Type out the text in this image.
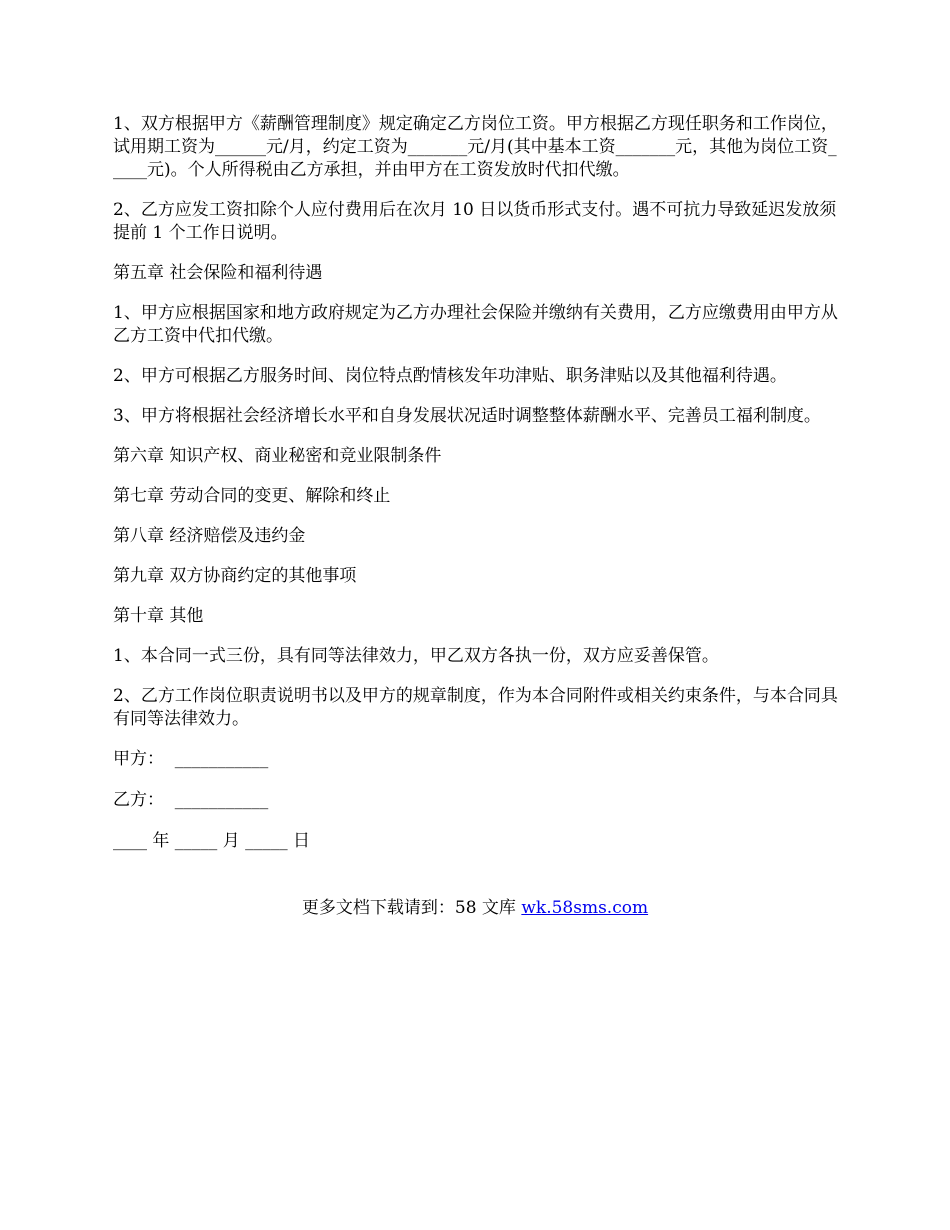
1、双方根据甲方《薪酬管理制度》规定确定乙方岗位工资。甲方根据乙方现任职务和工作岗位，试用期工资为______元/月，约定工资为_______元/月(其中基本工资_______元，其他为岗位工资_____元)。个人所得税由乙方承担，并由甲方在工资发放时代扣代缴。

2、乙方应发工资扣除个人应付费用后在次月 10 日以货币形式支付。遇不可抗力导致延迟发放须提前 1 个工作日说明。

第五章 社会保险和福利待遇

1、甲方应根据国家和地方政府规定为乙方办理社会保险并缴纳有关费用，乙方应缴费用由甲方从乙方工资中代扣代缴。

2、甲方可根据乙方服务时间、岗位特点酌情核发年功津贴、职务津贴以及其他福利待遇。

3、甲方将根据社会经济增长水平和自身发展状况适时调整整体薪酬水平、完善员工福利制度。

第六章 知识产权、商业秘密和竞业限制条件

第七章 劳动合同的变更、解除和终止

第八章 经济赔偿及违约金

第九章 双方协商约定的其他事项

第十章 其他

1、本合同一式三份，具有同等法律效力，甲乙双方各执一份，双方应妥善保管。

2、乙方工作岗位职责说明书以及甲方的规章制度，作为本合同附件或相关约束条件，与本合同具有同等法律效力。

甲方：  ___________

乙方：  ___________

____ 年 _____ 月 _____ 日

更多文档下载请到：58 文库 wk.58sms.com
